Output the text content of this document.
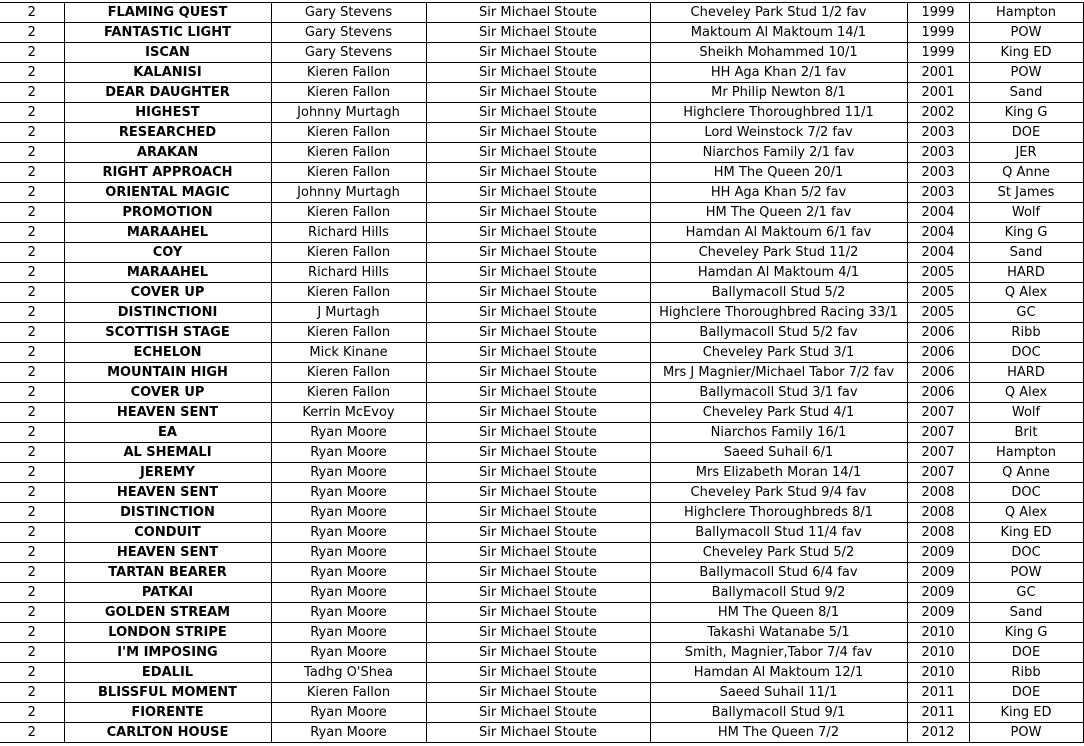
2	FLAMING QUEST	Gary Stevens	Sir Michael Stoute	Cheveley Park Stud 1/2 fav	1999	Hampton
2	FANTASTIC LIGHT	Gary Stevens	Sir Michael Stoute	Maktoum Al Maktoum 14/1	1999	POW
2	ISCAN	Gary Stevens	Sir Michael Stoute	Sheikh Mohammed 10/1	1999	King ED
2	KALANISI	Kieren Fallon	Sir Michael Stoute	HH Aga Khan 2/1 fav	2001	POW
2	DEAR DAUGHTER	Kieren Fallon	Sir Michael Stoute	Mr Philip Newton 8/1	2001	Sand
2	HIGHEST	Johnny Murtagh	Sir Michael Stoute	Highclere Thoroughbred 11/1	2002	King G
2	RESEARCHED	Kieren Fallon	Sir Michael Stoute	Lord Weinstock 7/2 fav	2003	DOE
2	ARAKAN	Kieren Fallon	Sir Michael Stoute	Niarchos Family 2/1 fav	2003	JER
2	RIGHT APPROACH	Kieren Fallon	Sir Michael Stoute	HM The Queen 20/1	2003	Q Anne
2	ORIENTAL MAGIC	Johnny Murtagh	Sir Michael Stoute	HH Aga Khan 5/2 fav	2003	St James
2	PROMOTION	Kieren Fallon	Sir Michael Stoute	HM The Queen 2/1 fav	2004	Wolf
2	MARAAHEL	Richard Hills	Sir Michael Stoute	Hamdan Al Maktoum 6/1 fav	2004	King G
2	COY	Kieren Fallon	Sir Michael Stoute	Cheveley Park Stud 11/2	2004	Sand
2	MARAAHEL	Richard Hills	Sir Michael Stoute	Hamdan Al Maktoum 4/1	2005	HARD
2	COVER UP	Kieren Fallon	Sir Michael Stoute	Ballymacoll Stud 5/2	2005	Q Alex
2	DISTINCTIONI	J Murtagh	Sir Michael Stoute	Highclere Thoroughbred Racing 33/1	2005	GC
2	SCOTTISH STAGE	Kieren Fallon	Sir Michael Stoute	Ballymacoll Stud 5/2 fav	2006	Ribb
2	ECHELON	Mick Kinane	Sir Michael Stoute	Cheveley Park Stud 3/1	2006	DOC
2	MOUNTAIN HIGH	Kieren Fallon	Sir Michael Stoute	Mrs J Magnier/Michael Tabor 7/2 fav	2006	HARD
2	COVER UP	Kieren Fallon	Sir Michael Stoute	Ballymacoll Stud 3/1 fav	2006	Q Alex
2	HEAVEN SENT	Kerrin McEvoy	Sir Michael Stoute	Cheveley Park Stud 4/1	2007	Wolf
2	EA	Ryan Moore	Sir Michael Stoute	Niarchos Family 16/1	2007	Brit
2	AL SHEMALI	Ryan Moore	Sir Michael Stoute	Saeed Suhail 6/1	2007	Hampton
2	JEREMY	Ryan Moore	Sir Michael Stoute	Mrs Elizabeth Moran 14/1	2007	Q Anne
2	HEAVEN SENT	Ryan Moore	Sir Michael Stoute	Cheveley Park Stud 9/4 fav	2008	DOC
2	DISTINCTION	Ryan Moore	Sir Michael Stoute	Highclere Thoroughbreds 8/1	2008	Q Alex
2	CONDUIT	Ryan Moore	Sir Michael Stoute	Ballymacoll Stud 11/4 fav	2008	King ED
2	HEAVEN SENT	Ryan Moore	Sir Michael Stoute	Cheveley Park Stud 5/2	2009	DOC
2	TARTAN BEARER	Ryan Moore	Sir Michael Stoute	Ballymacoll Stud 6/4 fav	2009	POW
2	PATKAI	Ryan Moore	Sir Michael Stoute	Ballymacoll Stud 9/2	2009	GC
2	GOLDEN STREAM	Ryan Moore	Sir Michael Stoute	HM The Queen 8/1	2009	Sand
2	LONDON STRIPE	Ryan Moore	Sir Michael Stoute	Takashi Watanabe 5/1	2010	King G
2	I'M IMPOSING	Ryan Moore	Sir Michael Stoute	Smith, Magnier,Tabor 7/4 fav	2010	DOE
2	EDALIL	Tadhg O'Shea	Sir Michael Stoute	Hamdan Al Maktoum 12/1	2010	Ribb
2	BLISSFUL MOMENT	Kieren Fallon	Sir Michael Stoute	Saeed Suhail 11/1	2011	DOE
2	FIORENTE	Ryan Moore	Sir Michael Stoute	Ballymacoll Stud 9/1	2011	King ED
2	CARLTON HOUSE	Ryan Moore	Sir Michael Stoute	HM The Queen 7/2	2012	POW
